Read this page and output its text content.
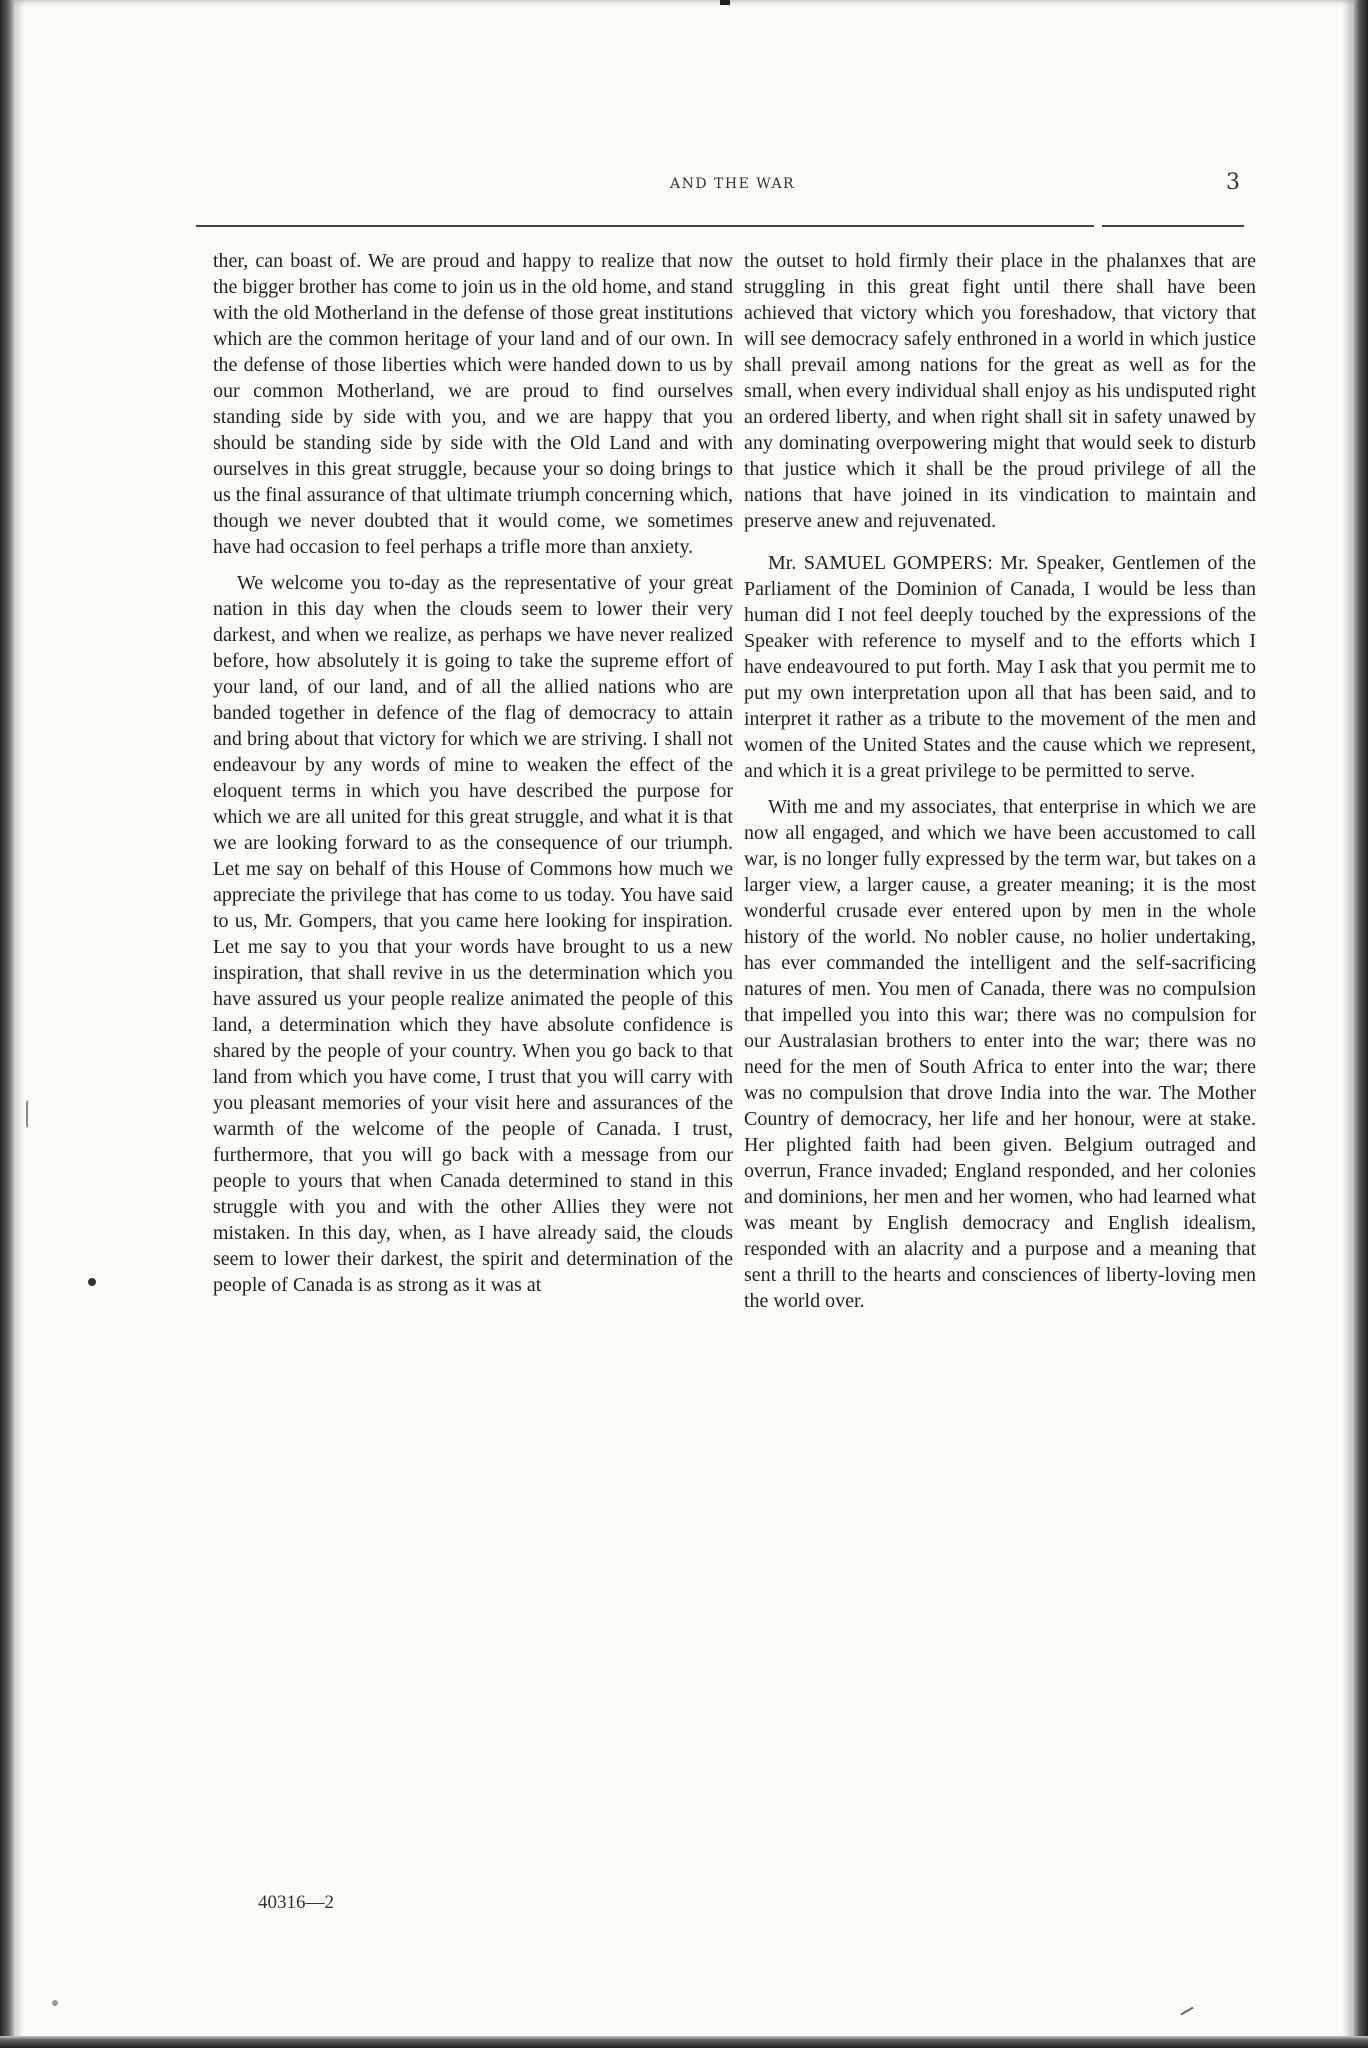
AND THE WAR	3

ther, can boast of. We are proud and happy to realize that now the bigger brother has come to join us in the old home, and stand with the old Motherland in the defense of those great institutions which are the common heritage of your land and of our own. In the defense of those liberties which were handed down to us by our common Motherland, we are proud to find ourselves standing side by side with you, and we are happy that you should be standing side by side with the Old Land and with ourselves in this great struggle, because your so doing brings to us the final assurance of that ultimate triumph concerning which, though we never doubted that it would come, we sometimes have had occasion to feel perhaps a trifle more than anxiety.

We welcome you to-day as the representative of your great nation in this day when the clouds seem to lower their very darkest, and when we realize, as perhaps we have never realized before, how absolutely it is going to take the supreme effort of your land, of our land, and of all the allied nations who are banded together in defence of the flag of democracy to attain and bring about that victory for which we are striving. I shall not endeavour by any words of mine to weaken the effect of the eloquent terms in which you have described the purpose for which we are all united for this great struggle, and what it is that we are looking forward to as the consequence of our triumph. Let me say on behalf of this House of Commons how much we appreciate the privilege that has come to us today. You have said to us, Mr. Gompers, that you came here looking for inspiration. Let me say to you that your words have brought to us a new inspiration, that shall revive in us the determination which you have assured us your people realize animated the people of this land, a determination which they have absolute confidence is shared by the people of your country. When you go back to that land from which you have come, I trust that you will carry with you pleasant memories of your visit here and assurances of the warmth of the welcome of the people of Canada. I trust, furthermore, that you will go back with a message from our people to yours that when Canada determined to stand in this struggle with you and with the other Allies they were not mistaken. In this day, when, as I have already said, the clouds seem to lower their darkest, the spirit and determination of the people of Canada is as strong as it was at

the outset to hold firmly their place in the phalanxes that are struggling in this great fight until there shall have been achieved that victory which you foreshadow, that victory that will see democracy safely enthroned in a world in which justice shall prevail among nations for the great as well as for the small, when every individual shall enjoy as his undisputed right an ordered liberty, and when right shall sit in safety unawed by any dominating overpowering might that would seek to disturb that justice which it shall be the proud privilege of all the nations that have joined in its vindication to maintain and preserve anew and rejuvenated.

Mr. SAMUEL GOMPERS: Mr. Speaker, Gentlemen of the Parliament of the Dominion of Canada, I would be less than human did I not feel deeply touched by the expressions of the Speaker with reference to myself and to the efforts which I have endeavoured to put forth. May I ask that you permit me to put my own interpretation upon all that has been said, and to interpret it rather as a tribute to the movement of the men and women of the United States and the cause which we represent, and which it is a great privilege to be permitted to serve.

With me and my associates, that enterprise in which we are now all engaged, and which we have been accustomed to call war, is no longer fully expressed by the term war, but takes on a larger view, a larger cause, a greater meaning; it is the most wonderful crusade ever entered upon by men in the whole history of the world. No nobler cause, no holier undertaking, has ever commanded the intelligent and the self-sacrificing natures of men. You men of Canada, there was no compulsion that impelled you into this war; there was no compulsion for our Australasian brothers to enter into the war; there was no need for the men of South Africa to enter into the war; there was no compulsion that drove India into the war. The Mother Country of democracy, her life and her honour, were at stake. Her plighted faith had been given. Belgium outraged and overrun, France invaded; England responded, and her colonies and dominions, her men and her women, who had learned what was meant by English democracy and English idealism, responded with an alacrity and a purpose and a meaning that sent a thrill to the hearts and consciences of liberty-loving men the world over.

40316—2
